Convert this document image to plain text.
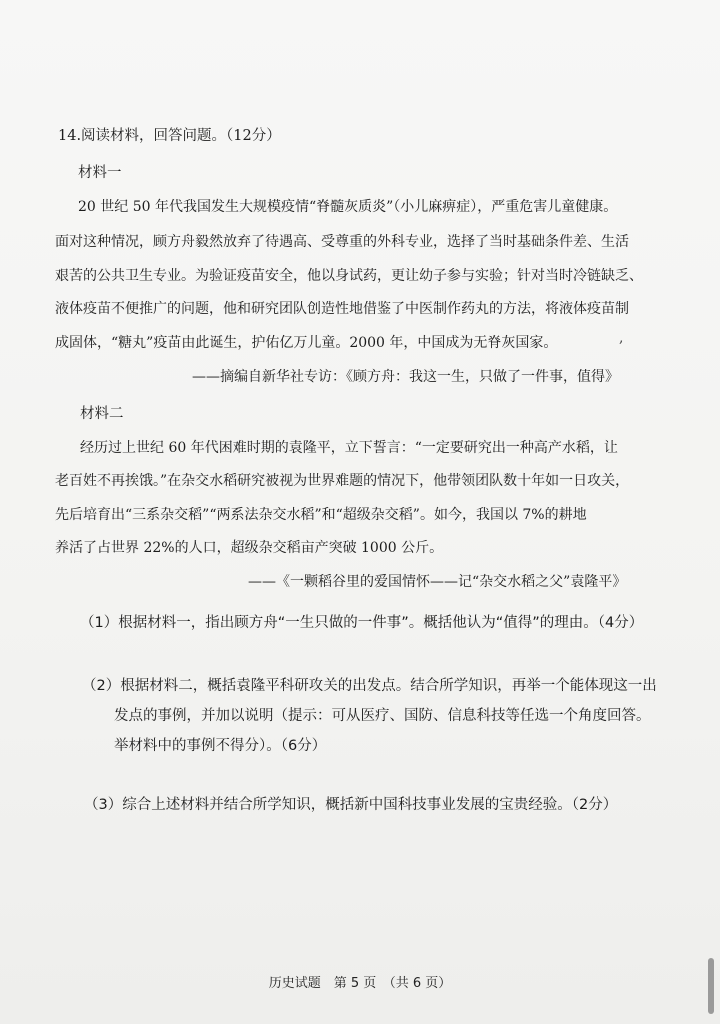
14.阅读材料，回答问题。（12分）
材料一
20 世纪 50 年代我国发生大规模疫情“脊髓灰质炎”（小儿麻痹症），严重危害儿童健康。
面对这种情况，顾方舟毅然放弃了待遇高、受尊重的外科专业，选择了当时基础条件差、生活
艰苦的公共卫生专业。为验证疫苗安全，他以身试药，更让幼子参与实验；针对当时冷链缺乏、
液体疫苗不便推广的问题，他和研究团队创造性地借鉴了中医制作药丸的方法，将液体疫苗制
成固体，“糖丸”疫苗由此诞生，护佑亿万儿童。2000 年，中国成为无脊灰国家。	,
——摘编自新华社专访：《顾方舟：我这一生，只做了一件事，值得》
材料二
经历过上世纪 60 年代困难时期的袁隆平，立下誓言：“一定要研究出一种高产水稻，让
老百姓不再挨饿。”在杂交水稻研究被视为世界难题的情况下，他带领团队数十年如一日攻关，
先后培育出“三系杂交稻”“两系法杂交水稻”和“超级杂交稻”。如今，我国以 7%的耕地
养活了占世界 22%的人口，超级杂交稻亩产突破 1000 公斤。
——《一颗稻谷里的爱国情怀——记“杂交水稻之父”袁隆平》
（1）根据材料一，指出顾方舟“一生只做的一件事”。概括他认为“值得”的理由。（4分）
（2）根据材料二，概括袁隆平科研攻关的出发点。结合所学知识，再举一个能体现这一出
发点的事例，并加以说明（提示：可从医疗、国防、信息科技等任选一个角度回答。
举材料中的事例不得分）。（6分）
（3）综合上述材料并结合所学知识，概括新中国科技事业发展的宝贵经验。（2分）
历史试题　第 5 页　（共 6 页）
